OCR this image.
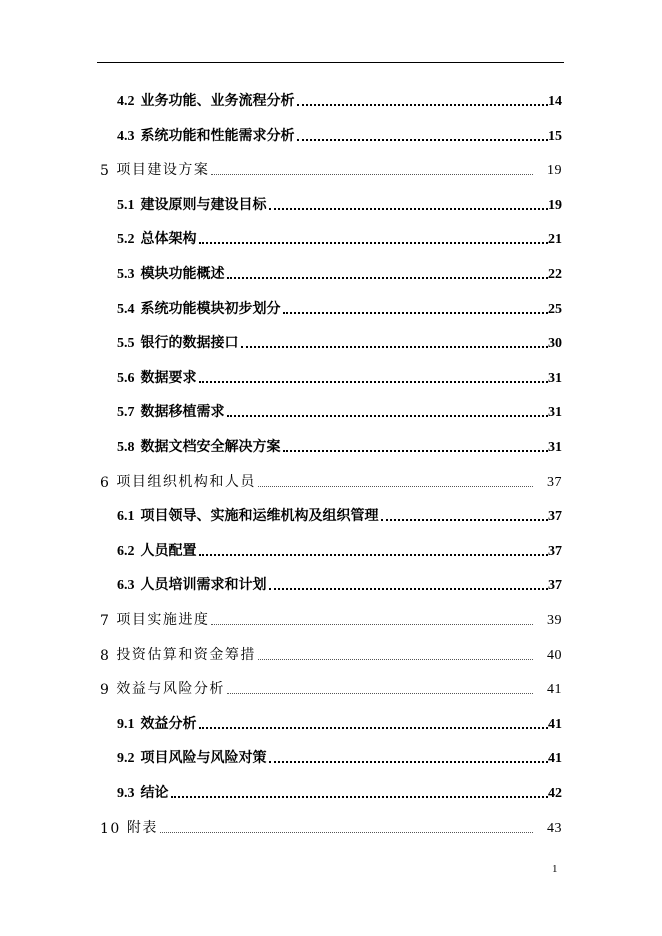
4.2 业务功能、业务流程分析	14
4.3 系统功能和性能需求分析	15
5 项目建设方案	19
5.1 建设原则与建设目标	19
5.2 总体架构	21
5.3 模块功能概述	22
5.4 系统功能模块初步划分	25
5.5 银行的数据接口	30
5.6 数据要求	31
5.7 数据移植需求	31
5.8 数据文档安全解决方案	31
6 项目组织机构和人员	37
6.1 项目领导、实施和运维机构及组织管理	37
6.2 人员配置	37
6.3 人员培训需求和计划	37
7 项目实施进度	39
8 投资估算和资金筹措	40
9 效益与风险分析	41
9.1 效益分析	41
9.2 项目风险与风险对策	41
9.3 结论	42
10 附表	43
1
